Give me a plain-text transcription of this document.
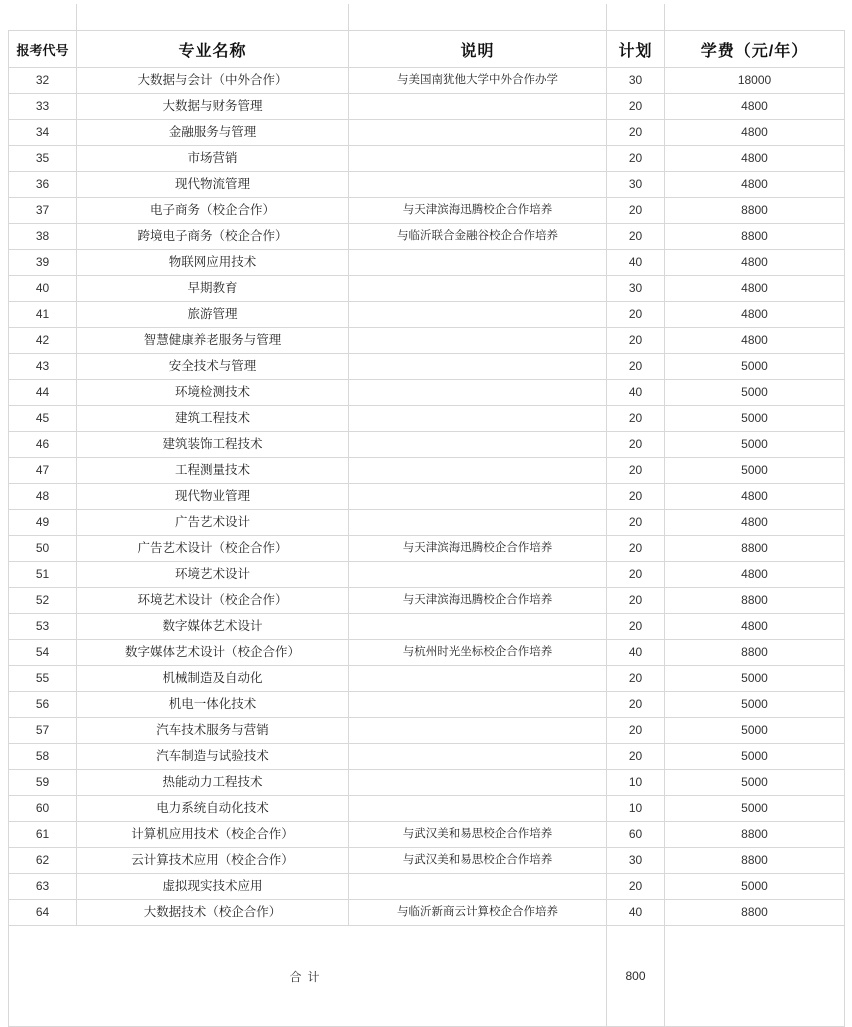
报考代号	专业名称	说明	计划	学费（元/年）
32	大数据与会计（中外合作）	与美国南犹他大学中外合作办学	30	18000
33	大数据与财务管理		20	4800
34	金融服务与管理		20	4800
35	市场营销		20	4800
36	现代物流管理		30	4800
37	电子商务（校企合作）	与天津滨海迅腾校企合作培养	20	8800
38	跨境电子商务（校企合作）	与临沂联合金融谷校企合作培养	20	8800
39	物联网应用技术		40	4800
40	早期教育		30	4800
41	旅游管理		20	4800
42	智慧健康养老服务与管理		20	4800
43	安全技术与管理		20	5000
44	环境检测技术		40	5000
45	建筑工程技术		20	5000
46	建筑装饰工程技术		20	5000
47	工程测量技术		20	5000
48	现代物业管理		20	4800
49	广告艺术设计		20	4800
50	广告艺术设计（校企合作）	与天津滨海迅腾校企合作培养	20	8800
51	环境艺术设计		20	4800
52	环境艺术设计（校企合作）	与天津滨海迅腾校企合作培养	20	8800
53	数字媒体艺术设计		20	4800
54	数字媒体艺术设计（校企合作）	与杭州时光坐标校企合作培养	40	8800
55	机械制造及自动化		20	5000
56	机电一体化技术		20	5000
57	汽车技术服务与营销		20	5000
58	汽车制造与试验技术		20	5000
59	热能动力工程技术		10	5000
60	电力系统自动化技术		10	5000
61	计算机应用技术（校企合作）	与武汉美和易思校企合作培养	60	8800
62	云计算技术应用（校企合作）	与武汉美和易思校企合作培养	30	8800
63	虚拟现实技术应用		20	5000
64	大数据技术（校企合作）	与临沂新商云计算校企合作培养	40	8800
合计			800	
